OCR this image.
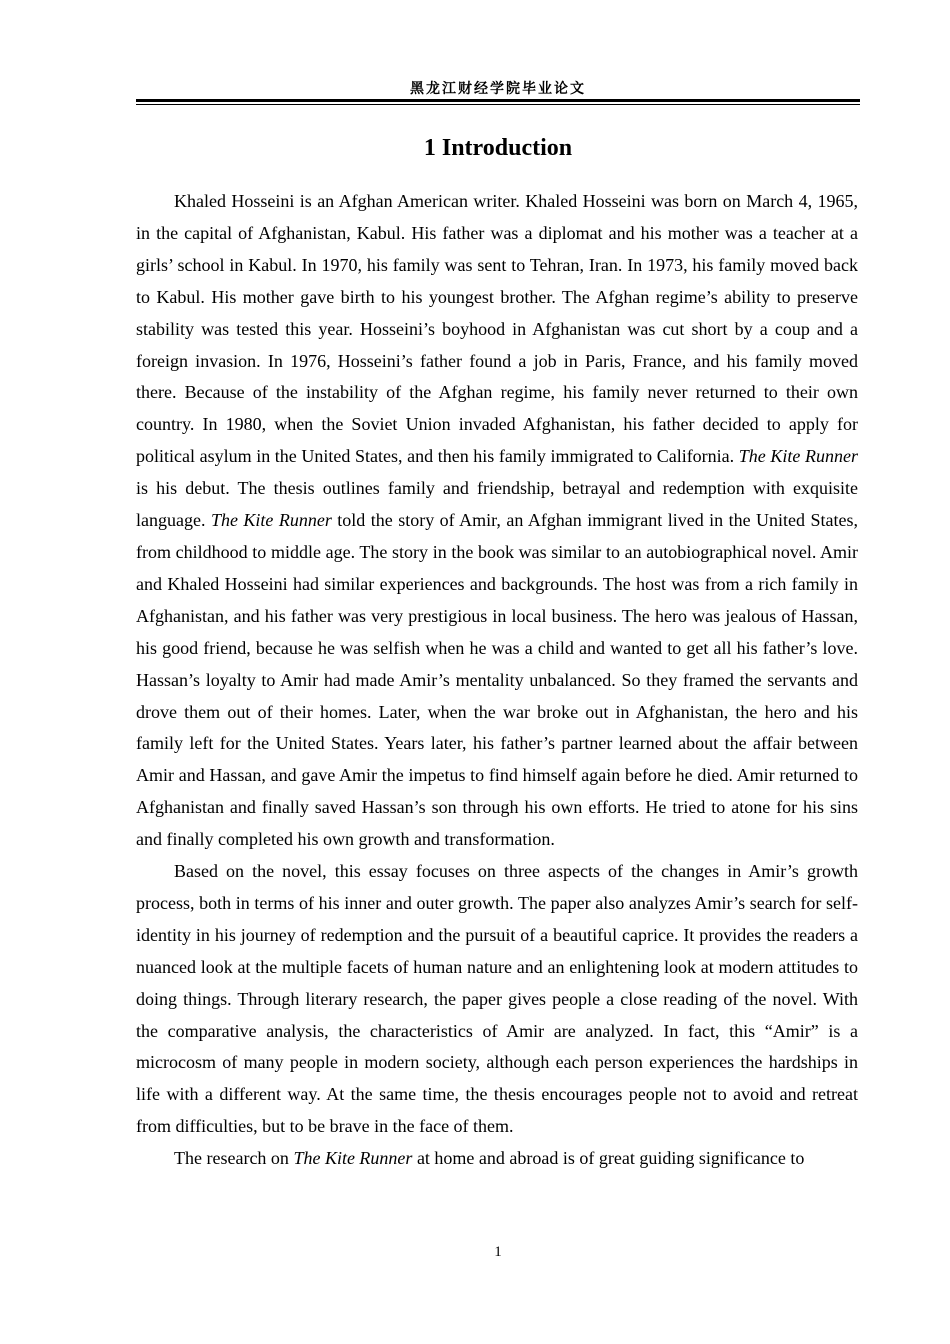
黑龙江财经学院毕业论文
1 Introduction

Khaled Hosseini is an Afghan American writer. Khaled Hosseini was born on March 4, 1965, in the capital of Afghanistan, Kabul. His father was a diplomat and his mother was a teacher at a girls’ school in Kabul. In 1970, his family was sent to Tehran, Iran. In 1973, his family moved back to Kabul. His mother gave birth to his youngest brother. The Afghan regime’s ability to preserve stability was tested this year. Hosseini’s boyhood in Afghanistan was cut short by a coup and a foreign invasion. In 1976, Hosseini’s father found a job in Paris, France, and his family moved there. Because of the instability of the Afghan regime, his family never returned to their own country. In 1980, when the Soviet Union invaded Afghanistan, his father decided to apply for political asylum in the United States, and then his family immigrated to California. The Kite Runner is his debut. The thesis outlines family and friendship, betrayal and redemption with exquisite language. The Kite Runner told the story of Amir, an Afghan immigrant lived in the United States, from childhood to middle age. The story in the book was similar to an autobiographical novel. Amir and Khaled Hosseini had similar experiences and backgrounds. The host was from a rich family in Afghanistan, and his father was very prestigious in local business. The hero was jealous of Hassan, his good friend, because he was selfish when he was a child and wanted to get all his father’s love. Hassan’s loyalty to Amir had made Amir’s mentality unbalanced. So they framed the servants and drove them out of their homes. Later, when the war broke out in Afghanistan, the hero and his family left for the United States. Years later, his father’s partner learned about the affair between Amir and Hassan, and gave Amir the impetus to find himself again before he died. Amir returned to Afghanistan and finally saved Hassan’s son through his own efforts. He tried to atone for his sins and finally completed his own growth and transformation.

Based on the novel, this essay focuses on three aspects of the changes in Amir’s growth process, both in terms of his inner and outer growth. The paper also analyzes Amir’s search for self-identity in his journey of redemption and the pursuit of a beautiful caprice. It provides the readers a nuanced look at the multiple facets of human nature and an enlightening look at modern attitudes to doing things. Through literary research, the paper gives people a close reading of the novel. With the comparative analysis, the characteristics of Amir are analyzed. In fact, this “Amir” is a microcosm of many people in modern society, although each person experiences the hardships in life with a different way. At the same time, the thesis encourages people not to avoid and retreat from difficulties, but to be brave in the face of them.

The research on The Kite Runner at home and abroad is of great guiding significance to

1
